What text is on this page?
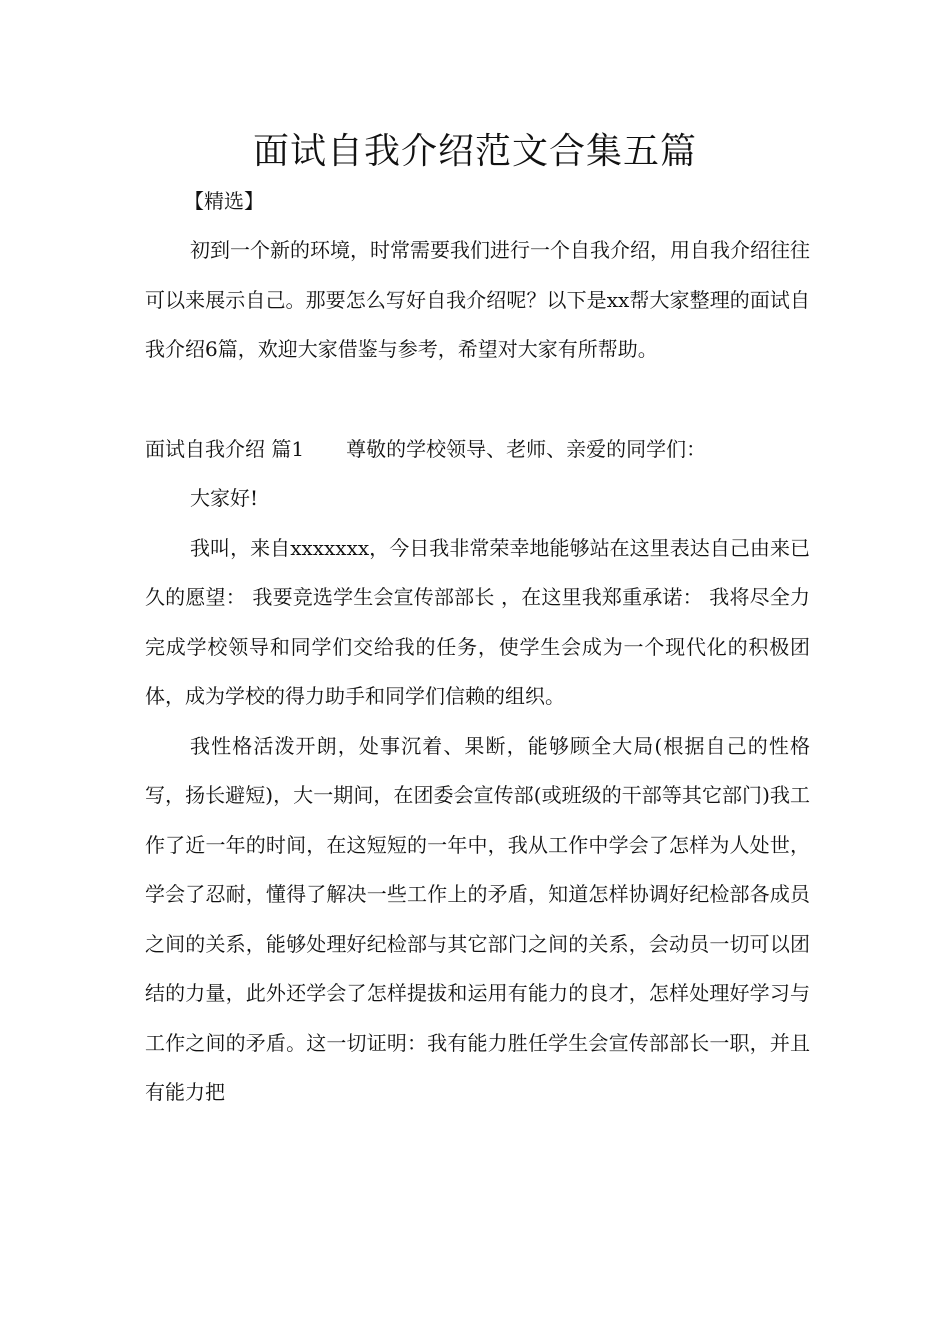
面试自我介绍范文合集五篇

【精选】

初到一个新的环境，时常需要我们进行一个自我介绍，用自我介绍往往可以来展示自己。那要怎么写好自我介绍呢？以下是xx帮大家整理的面试自我介绍6篇，欢迎大家借鉴与参考，希望对大家有所帮助。

面试自我介绍 篇1 尊敬的学校领导、老师、亲爱的同学们：

大家好!

我叫，来自xxxxxxx，今日我非常荣幸地能够站在这里表达自己由来已久的愿望： 我要竞选学生会宣传部部长 ，在这里我郑重承诺： 我将尽全力完成学校领导和同学们交给我的任务，使学生会成为一个现代化的积极团体，成为学校的得力助手和同学们信赖的组织。

我性格活泼开朗，处事沉着、果断，能够顾全大局(根据自己的性格写，扬长避短)，大一期间，在团委会宣传部(或班级的干部等其它部门)我工作了近一年的时间，在这短短的一年中，我从工作中学会了怎样为人处世，学会了忍耐，懂得了解决一些工作上的矛盾，知道怎样协调好纪检部各成员之间的关系，能够处理好纪检部与其它部门之间的关系，会动员一切可以团结的力量，此外还学会了怎样提拔和运用有能力的良才，怎样处理好学习与工作之间的矛盾。这一切证明：我有能力胜任学生会宣传部部长一职，并且有能力把
